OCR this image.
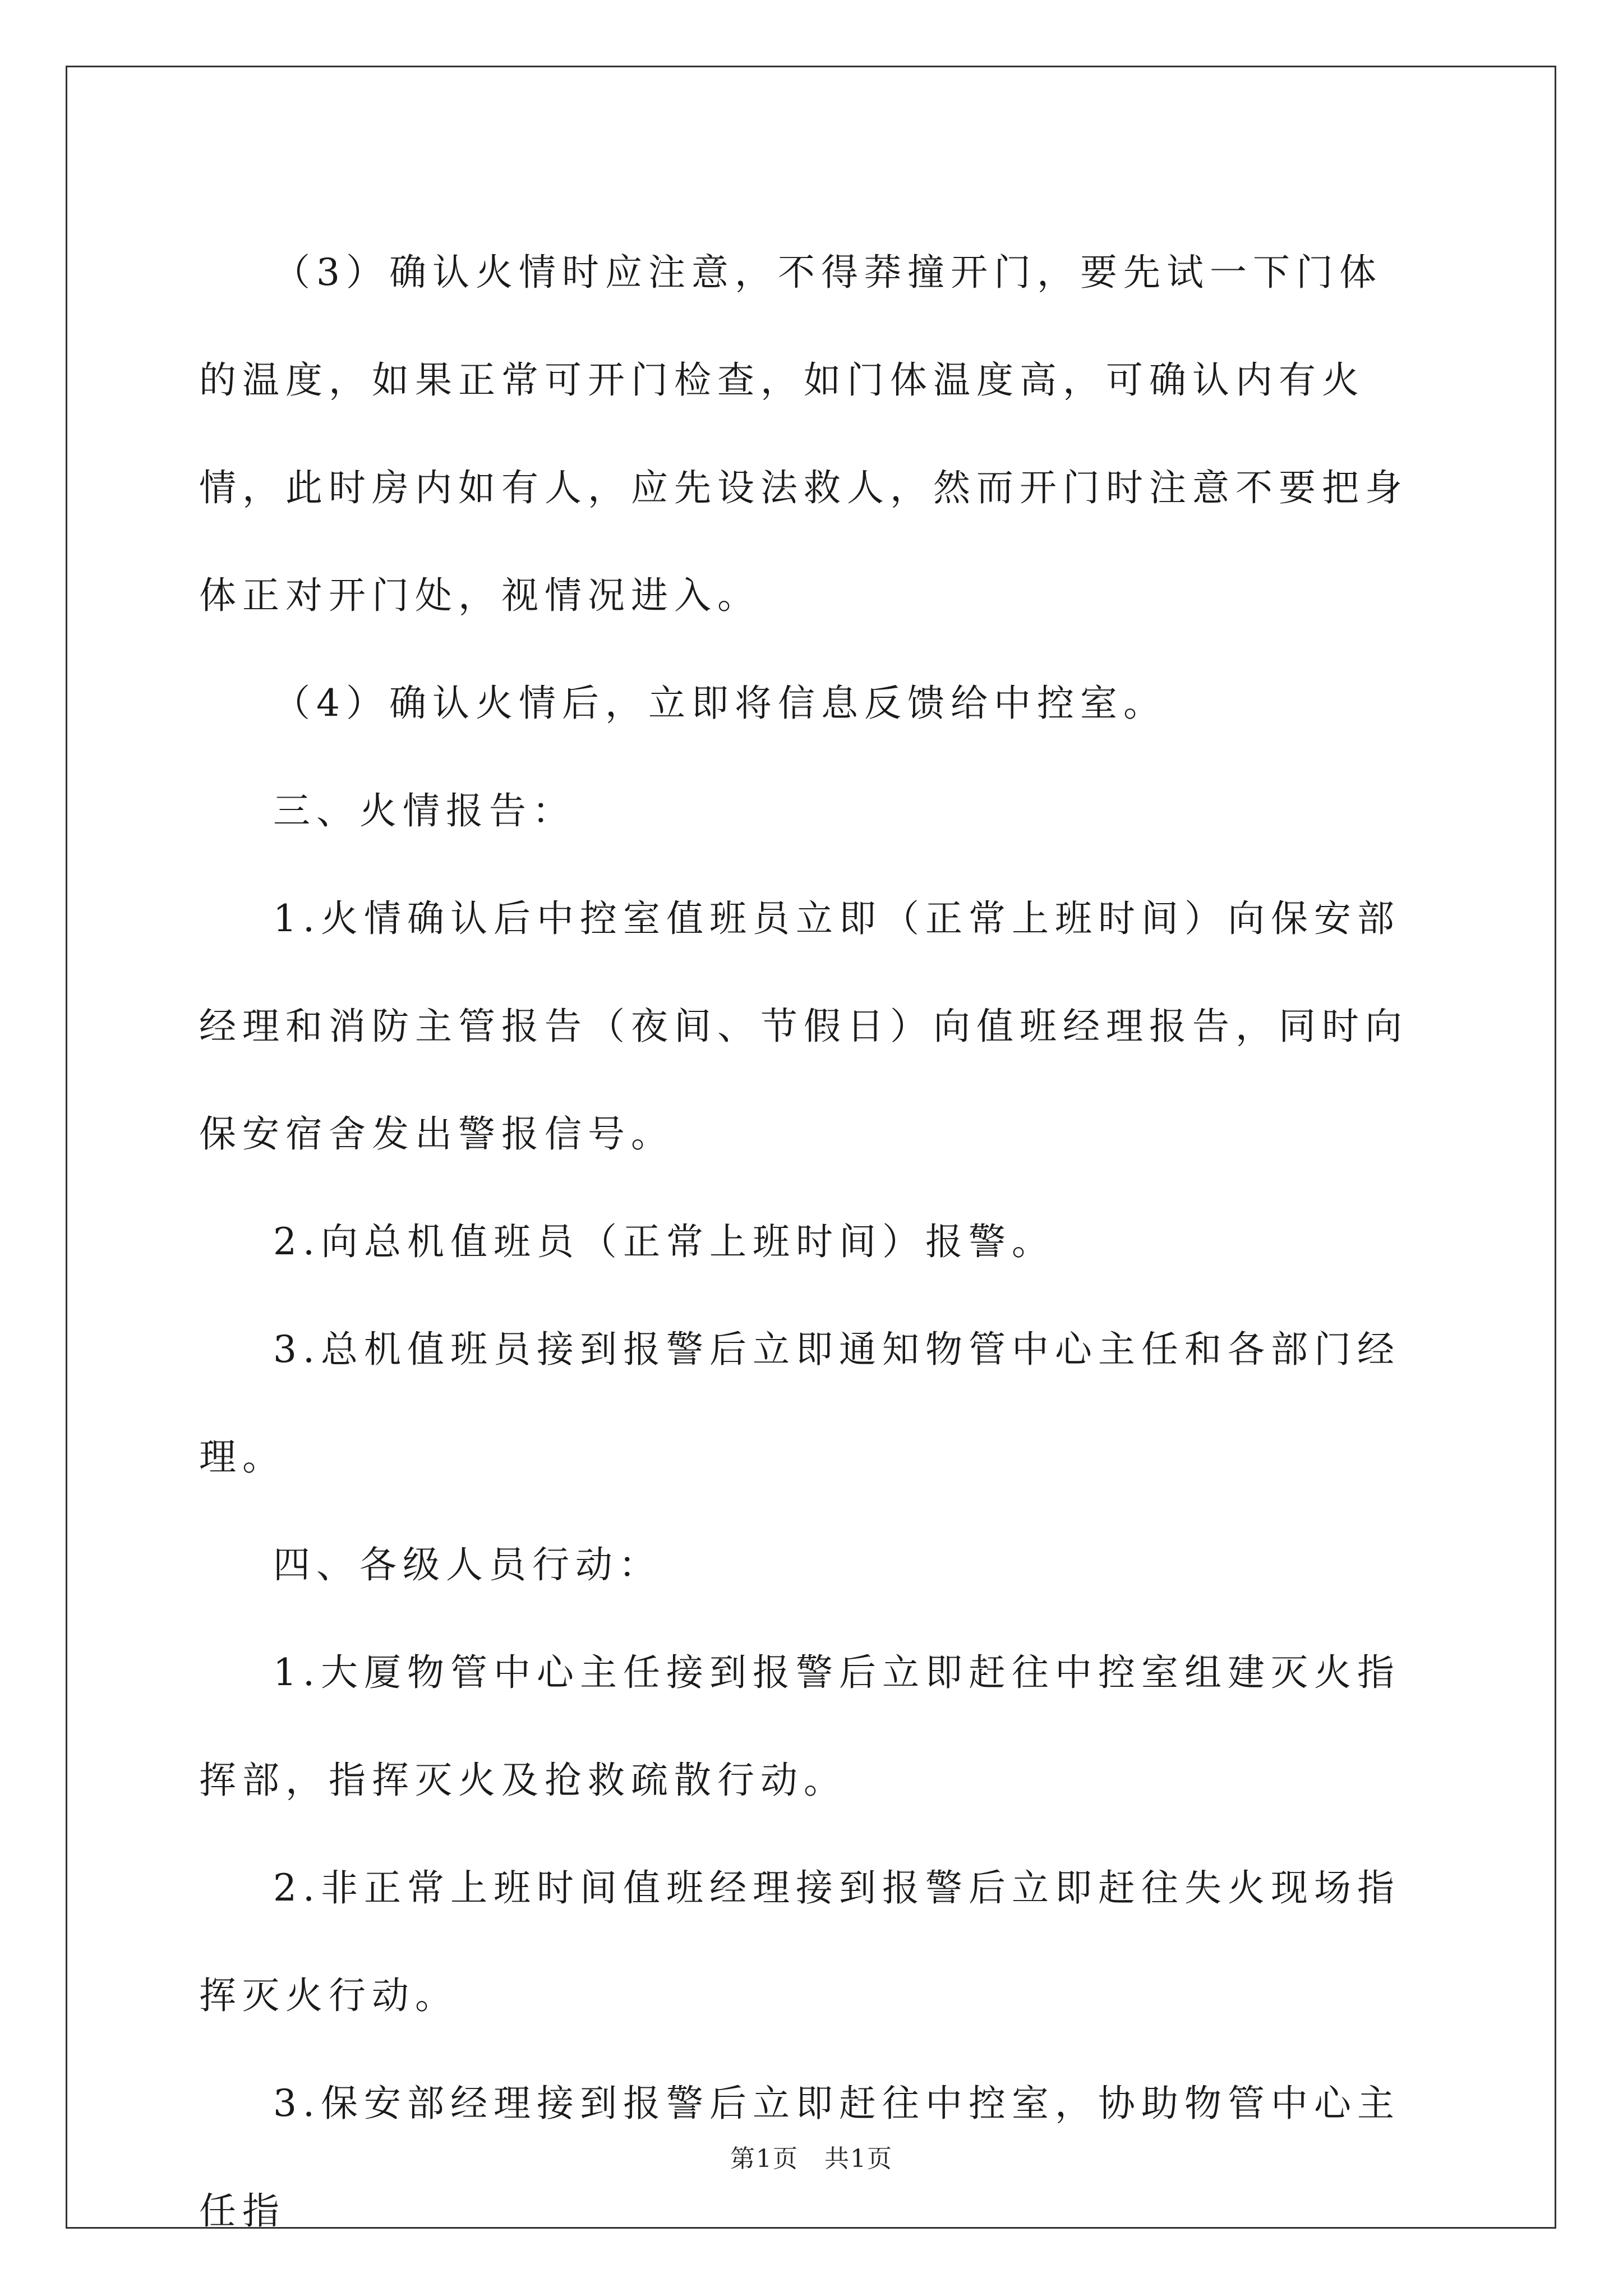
（3）确认火情时应注意，不得莽撞开门，要先试一下门体的温度，如果正常可开门检查，如门体温度高，可确认内有火情，此时房内如有人，应先设法救人，然而开门时注意不要把身体正对开门处，视情况进入。

（4）确认火情后，立即将信息反馈给中控室。

三、火情报告：

1.火情确认后中控室值班员立即（正常上班时间）向保安部经理和消防主管报告（夜间、节假日）向值班经理报告，同时向保安宿舍发出警报信号。

2.向总机值班员（正常上班时间）报警。

3.总机值班员接到报警后立即通知物管中心主任和各部门经理。

四、各级人员行动：

1.大厦物管中心主任接到报警后立即赶往中控室组建灭火指挥部，指挥灭火及抢救疏散行动。

2.非正常上班时间值班经理接到报警后立即赶往失火现场指挥灭火行动。

3.保安部经理接到报警后立即赶往中控室，协助物管中心主任指

第1页　共1页
